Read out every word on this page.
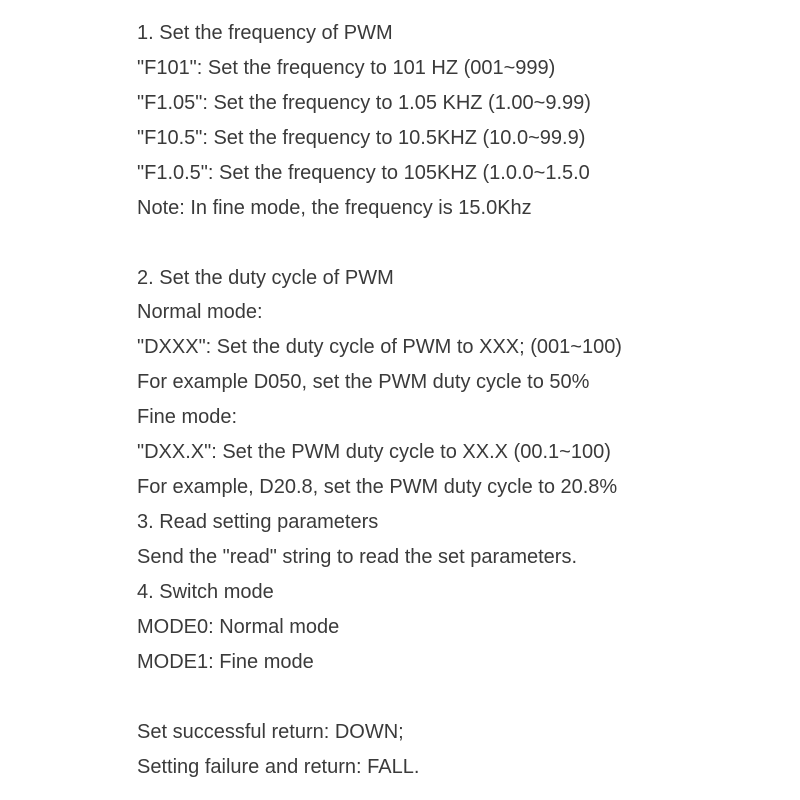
1. Set the frequency of PWM
"F101": Set the frequency to 101 HZ (001~999)
"F1.05": Set the frequency to 1.05 KHZ (1.00~9.99)
"F10.5": Set the frequency to 10.5KHZ (10.0~99.9)
"F1.0.5": Set the frequency to 105KHZ (1.0.0~1.5.0
Note: In fine mode, the frequency is 15.0Khz
2. Set the duty cycle of PWM
Normal mode:
"DXXX": Set the duty cycle of PWM to XXX; (001~100)
For example D050, set the PWM duty cycle to 50%
Fine mode:
"DXX.X": Set the PWM duty cycle to XX.X (00.1~100)
For example, D20.8, set the PWM duty cycle to 20.8%
3. Read setting parameters
Send the "read" string to read the set parameters.
4. Switch mode
MODE0: Normal mode
MODE1: Fine mode
Set successful return: DOWN;
Setting failure and return: FALL.
